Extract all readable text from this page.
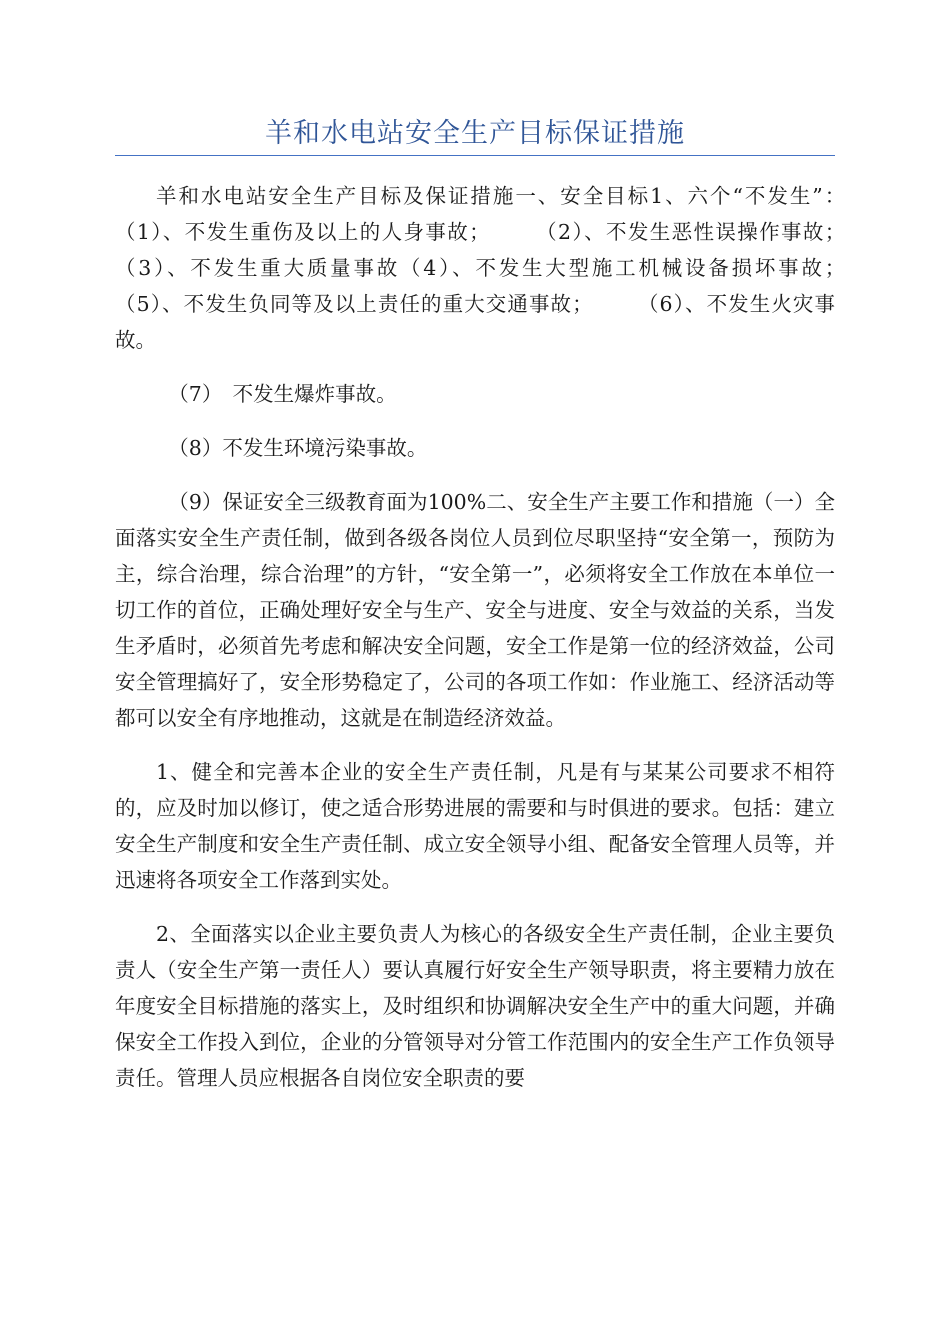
羊和水电站安全生产目标保证措施

羊和水电站安全生产目标及保证措施一、安全目标1、六个“不发生”：　　（1）、不发生重伤及以上的人身事故；　　　（2）、不发生恶性误操作事故；　　　（3）、不发生重大质量事故（4）、不发生大型施工机械设备损坏事故；　　　（5）、不发生负同等及以上责任的重大交通事故；　　　（6）、不发生火灾事故。

（7）　不发生爆炸事故。

（8）不发生环境污染事故。

（9）保证安全三级教育面为100%二、安全生产主要工作和措施（一）全面落实安全生产责任制，做到各级各岗位人员到位尽职坚持“安全第一，预防为主，综合治理，综合治理”的方针，“安全第一”，必须将安全工作放在本单位一切工作的首位，正确处理好安全与生产、安全与进度、安全与效益的关系，当发生矛盾时，必须首先考虑和解决安全问题，安全工作是第一位的经济效益，公司安全管理搞好了，安全形势稳定了，公司的各项工作如：作业施工、经济活动等都可以安全有序地推动，这就是在制造经济效益。

1、健全和完善本企业的安全生产责任制，凡是有与某某公司要求不相符的，应及时加以修订，使之适合形势进展的需要和与时俱进的要求。包括：建立安全生产制度和安全生产责任制、成立安全领导小组、配备安全管理人员等，并迅速将各项安全工作落到实处。

2、全面落实以企业主要负责人为核心的各级安全生产责任制，企业主要负责人（安全生产第一责任人）要认真履行好安全生产领导职责，将主要精力放在年度安全目标措施的落实上，及时组织和协调解决安全生产中的重大问题，并确保安全工作投入到位，企业的分管领导对分管工作范围内的安全生产工作负领导责任。管理人员应根据各自岗位安全职责的要
